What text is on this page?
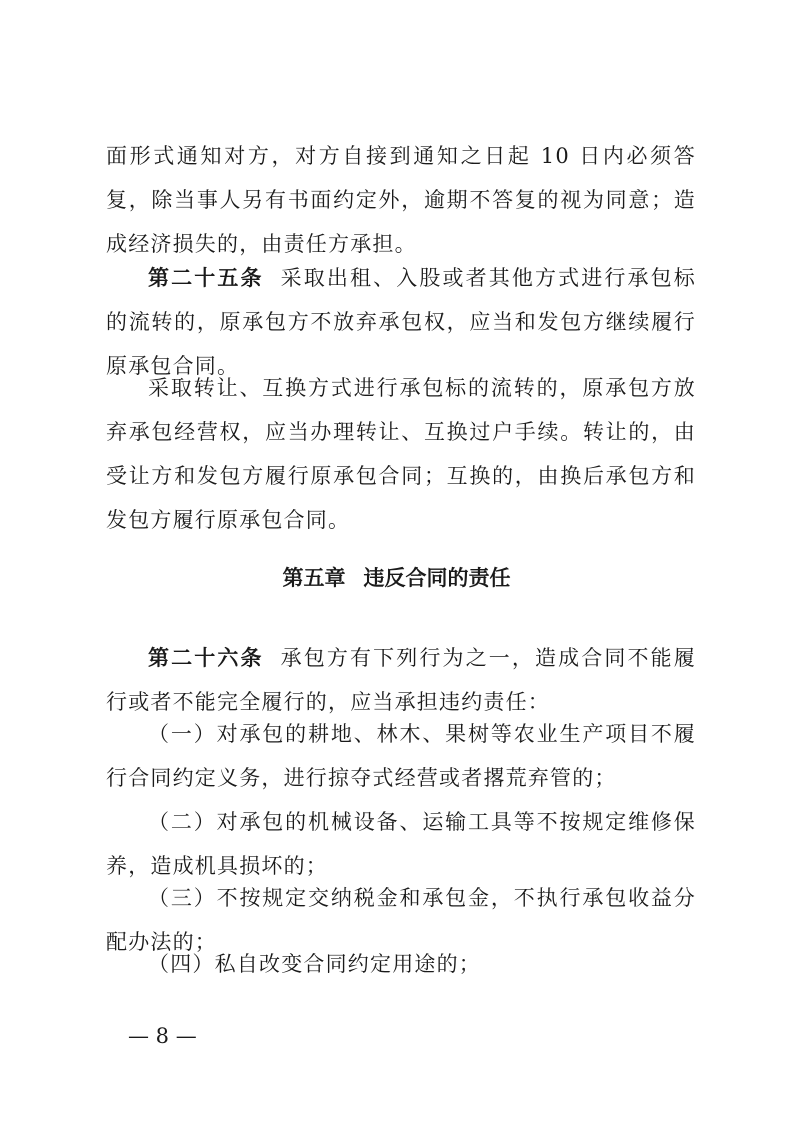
面形式通知对方，对方自接到通知之日起 10 日内必须答复，除当事人另有书面约定外，逾期不答复的视为同意；造成经济损失的，由责任方承担。

第二十五条 采取出租、入股或者其他方式进行承包标的流转的，原承包方不放弃承包权，应当和发包方继续履行原承包合同。

采取转让、互换方式进行承包标的流转的，原承包方放弃承包经营权，应当办理转让、互换过户手续。转让的，由受让方和发包方履行原承包合同；互换的，由换后承包方和发包方履行原承包合同。

第五章 违反合同的责任

第二十六条 承包方有下列行为之一，造成合同不能履行或者不能完全履行的，应当承担违约责任：

（一）对承包的耕地、林木、果树等农业生产项目不履行合同约定义务，进行掠夺式经营或者撂荒弃管的；

（二）对承包的机械设备、运输工具等不按规定维修保养，造成机具损坏的；

（三）不按规定交纳税金和承包金，不执行承包收益分配办法的；

（四）私自改变合同约定用途的；

— 8 —
